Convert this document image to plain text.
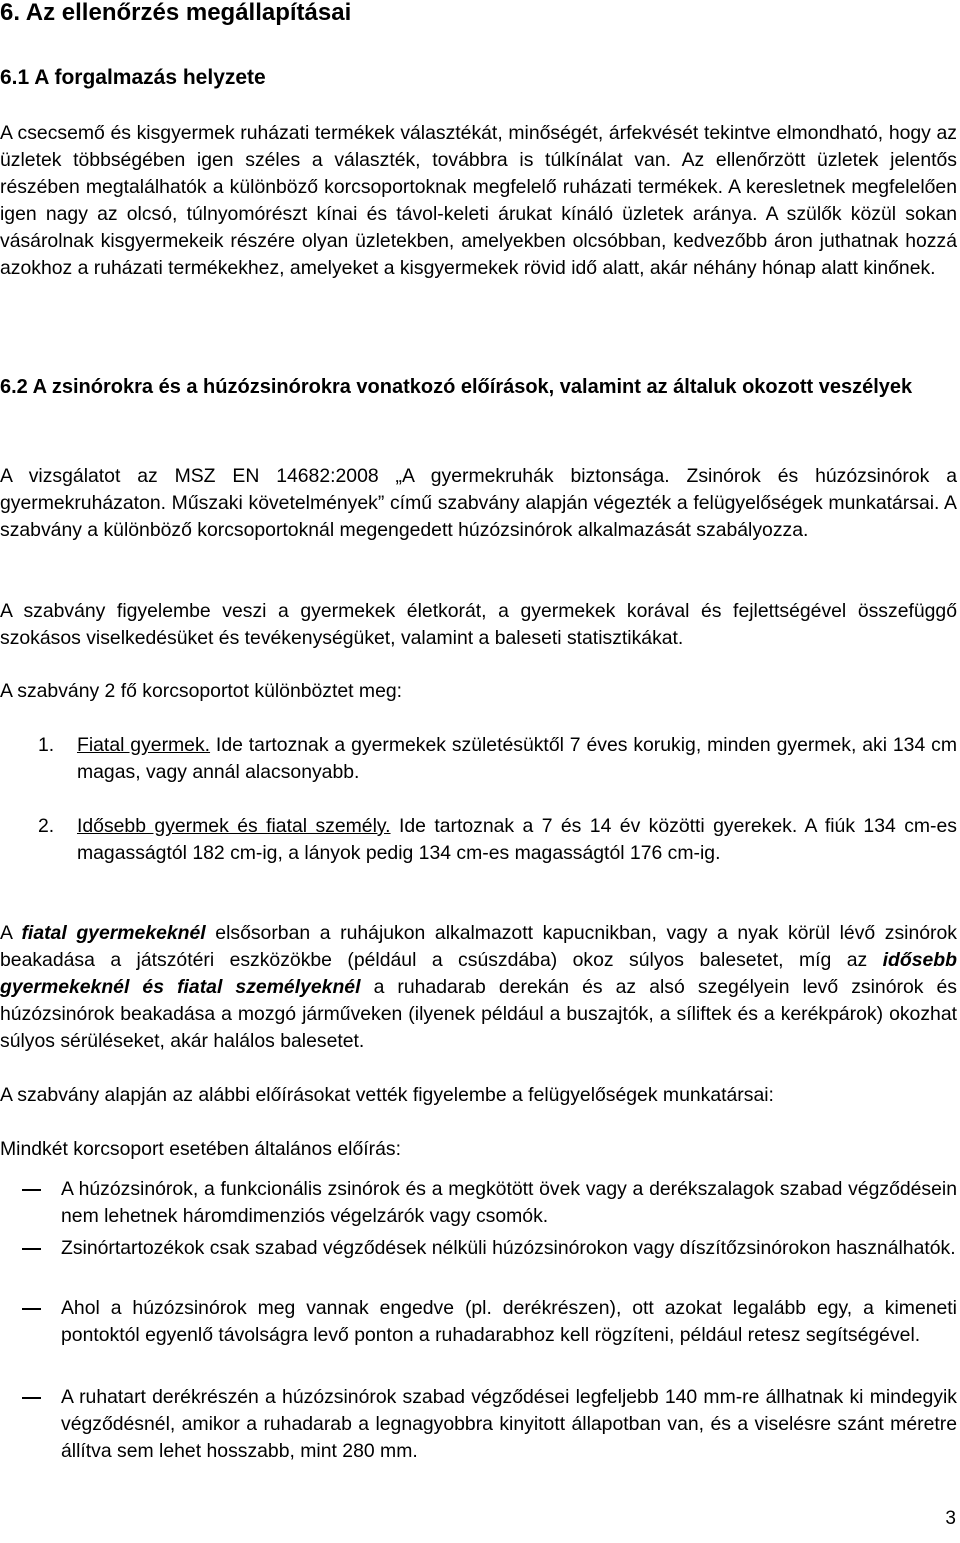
6. Az ellenőrzés megállapításai
6.1 A forgalmazás helyzete

A csecsemő és kisgyermek ruházati termékek választékát, minőségét, árfekvését tekintve elmondható, hogy az üzletek többségében igen széles a választék, továbbra is túlkínálat van. Az ellenőrzött üzletek jelentős részében megtalálhatók a különböző korcsoportoknak megfelelő ruházati termékek. A keresletnek megfelelően igen nagy az olcsó, túlnyomórészt kínai és távol-keleti árukat kínáló üzletek aránya. A szülők közül sokan vásárolnak kisgyermekeik részére olyan üzletekben, amelyekben olcsóbban, kedvezőbb áron juthatnak hozzá azokhoz a ruházati termékekhez, amelyeket a kisgyermekek rövid idő alatt, akár néhány hónap alatt kinőnek.

6.2 A zsinórokra és a húzózsinórokra vonatkozó előírások, valamint az általuk okozott veszélyek

A vizsgálatot az MSZ EN 14682:2008 „A gyermekruhák biztonsága. Zsinórok és húzózsinórok a gyermekruházaton. Műszaki követelmények” című szabvány alapján végezték a felügyelőségek munkatársai. A szabvány a különböző korcsoportoknál megengedett húzózsinórok alkalmazását szabályozza.

A szabvány figyelembe veszi a gyermekek életkorát, a gyermekek korával és fejlettségével összefüggő szokásos viselkedésüket és tevékenységüket, valamint a baleseti statisztikákat.

A szabvány 2 fő korcsoportot különböztet meg:

1. Fiatal gyermek. Ide tartoznak a gyermekek születésüktől 7 éves korukig, minden gyermek, aki 134 cm magas, vagy annál alacsonyabb.
2. Idősebb gyermek és fiatal személy. Ide tartoznak a 7 és 14 év közötti gyerekek. A fiúk 134 cm-es magasságtól 182 cm-ig, a lányok pedig 134 cm-es magasságtól 176 cm-ig.

A fiatal gyermekeknél elsősorban a ruhájukon alkalmazott kapucnikban, vagy a nyak körül lévő zsinórok beakadása a játszótéri eszközökbe (például a csúszdába) okoz súlyos balesetet, míg az idősebb gyermekeknél és fiatal személyeknél a ruhadarab derekán és az alsó szegélyein levő zsinórok és húzózsinórok beakadása a mozgó járműveken (ilyenek például a buszajtók, a síliftek és a kerékpárok) okozhat súlyos sérüléseket, akár halálos balesetet.

A szabvány alapján az alábbi előírásokat vették figyelembe a felügyelőségek munkatársai:

Mindkét korcsoport esetében általános előírás:

A húzózsinórok, a funkcionális zsinórok és a megkötött övek vagy a derékszalagok szabad végződésein nem lehetnek háromdimenziós végelzárók vagy csomók.
Zsinórtartozékok csak szabad végződések nélküli húzózsinórokon vagy díszítőzsinórokon használhatók.
Ahol a húzózsinórok meg vannak engedve (pl. derékrészen), ott azokat legalább egy, a kimeneti pontoktól egyenlő távolságra levő ponton a ruhadarabhoz kell rögzíteni, például retesz segítségével.
A ruhatart derékrészén a húzózsinórok szabad végződései legfeljebb 140 mm-re állhatnak ki mindegyik végződésnél, amikor a ruhadarab a legnagyobbra kinyitott állapotban van, és a viselésre szánt méretre állítva sem lehet hosszabb, mint 280 mm.
3
